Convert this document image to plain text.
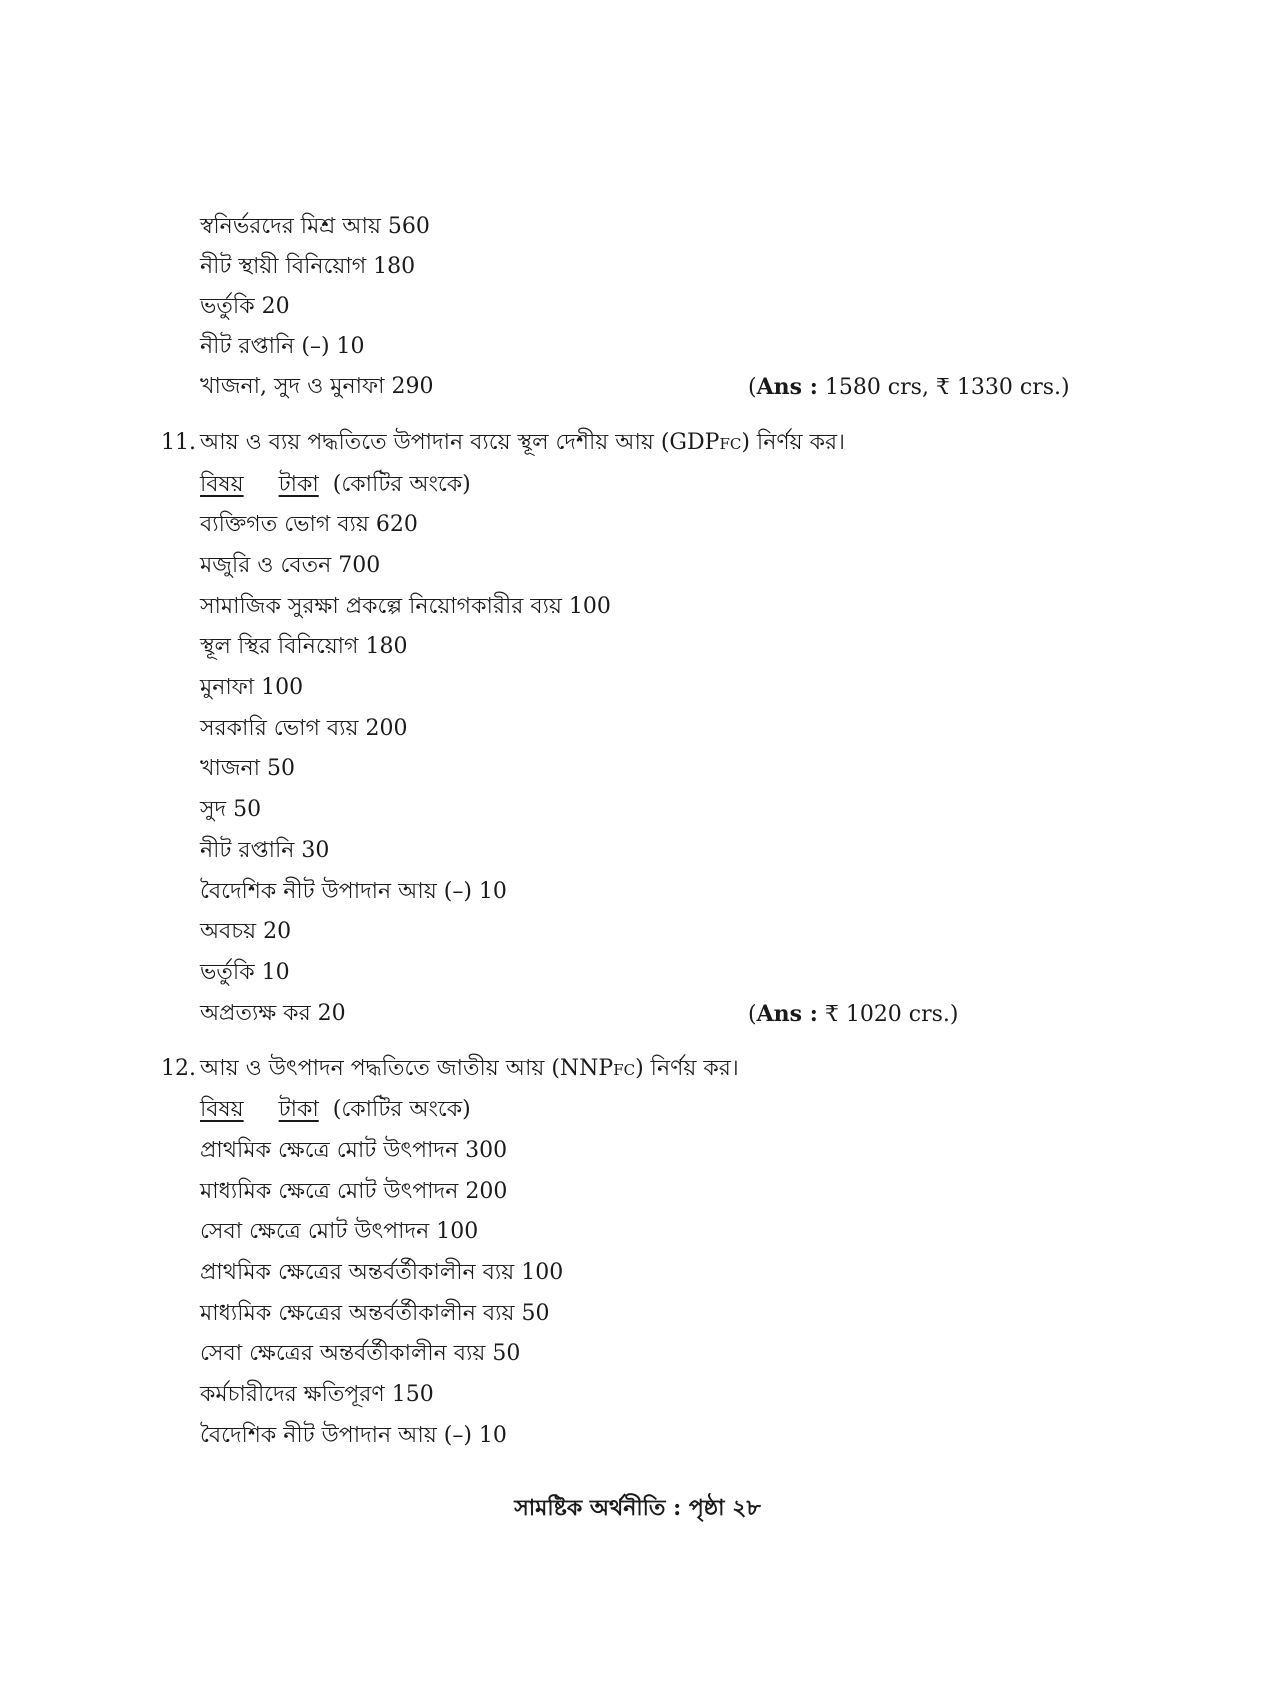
স্বনির্ভরদের মিশ্র আয় 560
নীট স্থায়ী বিনিয়োগ 180
ভর্তুকি 20
নীট রপ্তানি (–) 10
খাজনা, সুদ ও মুনাফা 290	(Ans : 1580 crs, ₹ 1330 crs.)
11. আয় ও ব্যয় পদ্ধতিতে উপাদান ব্যয়ে স্থূল দেশীয় আয় (GDPFC) নির্ণয় কর।
বিষয় টাকা (কোটির অংকে)
ব্যক্তিগত ভোগ ব্যয় 620
মজুরি ও বেতন 700
সামাজিক সুরক্ষা প্রকল্পে নিয়োগকারীর ব্যয় 100
স্থূল স্থির বিনিয়োগ 180
মুনাফা 100
সরকারি ভোগ ব্যয় 200
খাজনা 50
সুদ 50
নীট রপ্তানি 30
বৈদেশিক নীট উপাদান আয় (–) 10
অবচয় 20
ভর্তুকি 10
অপ্রত্যক্ষ কর 20	(Ans : ₹ 1020 crs.)
12. আয় ও উৎপাদন পদ্ধতিতে জাতীয় আয় (NNPFC) নির্ণয় কর।
বিষয় টাকা (কোটির অংকে)
প্রাথমিক ক্ষেত্রে মোট উৎপাদন 300
মাধ্যমিক ক্ষেত্রে মোট উৎপাদন 200
সেবা ক্ষেত্রে মোট উৎপাদন 100
প্রাথমিক ক্ষেত্রের অন্তর্বর্তীকালীন ব্যয় 100
মাধ্যমিক ক্ষেত্রের অন্তর্বর্তীকালীন ব্যয় 50
সেবা ক্ষেত্রের অন্তর্বর্তীকালীন ব্যয় 50
কর্মচারীদের ক্ষতিপূরণ 150
বৈদেশিক নীট উপাদান আয় (–) 10
সামষ্টিক অর্থনীতি : পৃষ্ঠা ২৮
